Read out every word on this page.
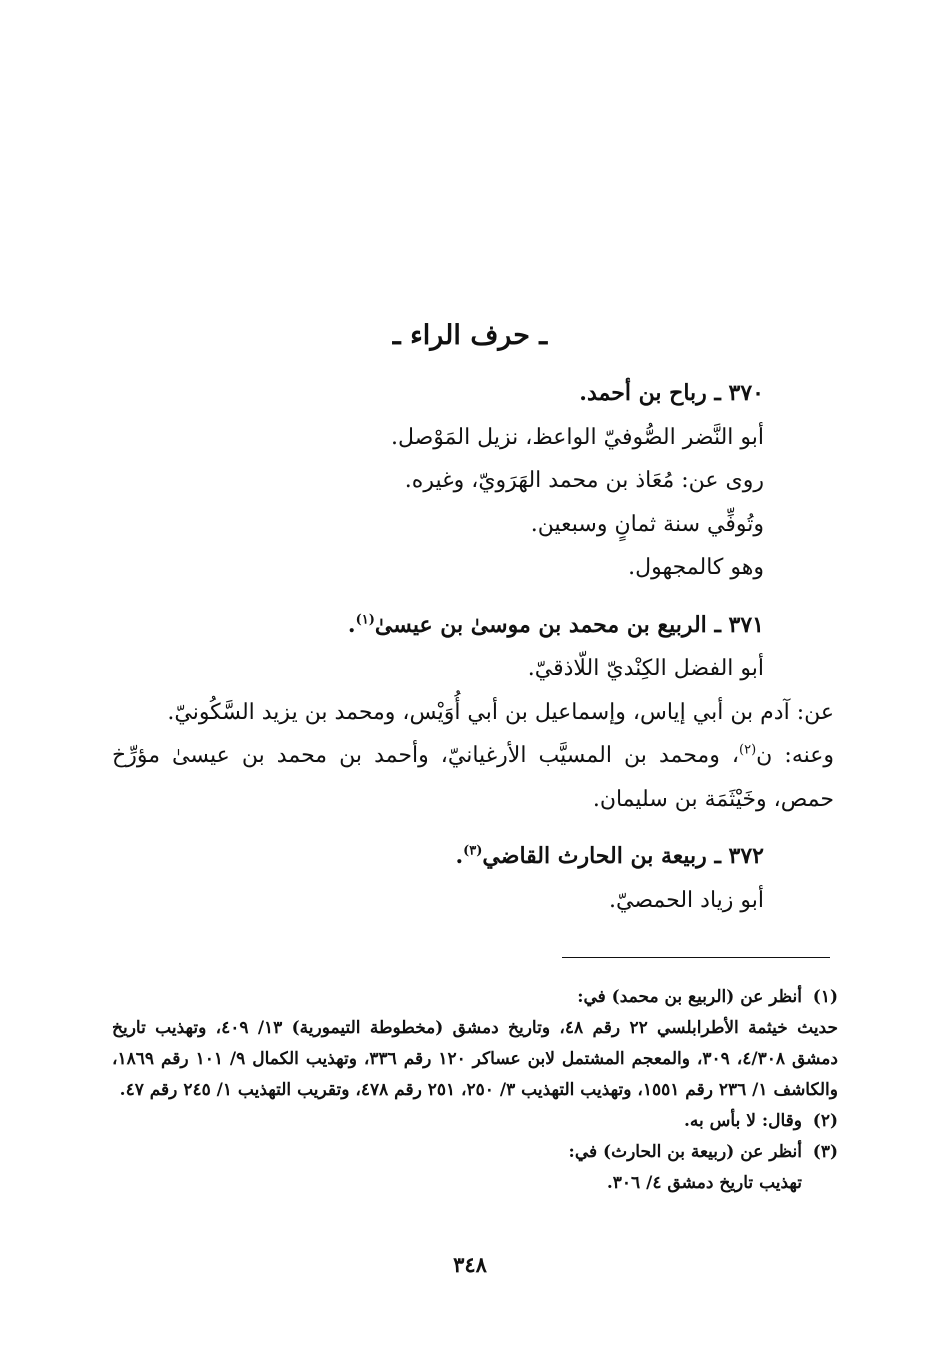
ـ حرف الراء ـ

٣٧٠ ـ رباح بن أحمد.

أبو النَّضر الصُّوفيّ الواعظ، نزيل المَوْصل.

روى عن: مُعَاذ بن محمد الهَرَويّ، وغيره.

وتُوفِّي سنة ثمانٍ وسبعين.

وهو كالمجهول.

٣٧١ ـ الربيع بن محمد بن موسىٰ بن عيسىٰ$^{(١)}$.

أبو الفضل الكِنْديّ اللّاذقيّ.

عن: آدم بن أبي إياس، وإسماعيل بن أبي أُوَيْس، ومحمد بن يزيد السَّكُونيّ.

وعنه: ن$^{(٢)}$، ومحمد بن المسيَّب الأرغيانيّ، وأحمد بن محمد بن عيسىٰ مؤرِّخ حمص، وخَيْثَمَة بن سليمان.

٣٧٢ ـ ربيعة بن الحارث القاضي$^{(٣)}$.

أبو زياد الحمصيّ.

(١)

أنظر عن (الربيع بن محمد) في:

حديث خيثمة الأطرابلسي ٢٢ رقم ٤٨، وتاريخ دمشق (مخطوطة التيمورية) ١٣/ ٤٠٩، وتهذيب تاريخ دمشق ٤/٣٠٨، ٣٠٩، والمعجم المشتمل لابن عساكر ١٢٠ رقم ٣٣٦، وتهذيب الكمال ٩/ ١٠١ رقم ١٨٦٩، والكاشف ١/ ٢٣٦ رقم ١٥٥١، وتهذيب التهذيب ٣/ ٢٥٠، ٢٥١ رقم ٤٧٨، وتقريب التهذيب ١/ ٢٤٥ رقم ٤٧.

(٢)

وقال: لا بأس به.

(٣)

أنظر عن (ربيعة بن الحارث) في:

تهذيب تاريخ دمشق ٤/ ٣٠٦.

٣٤٨
